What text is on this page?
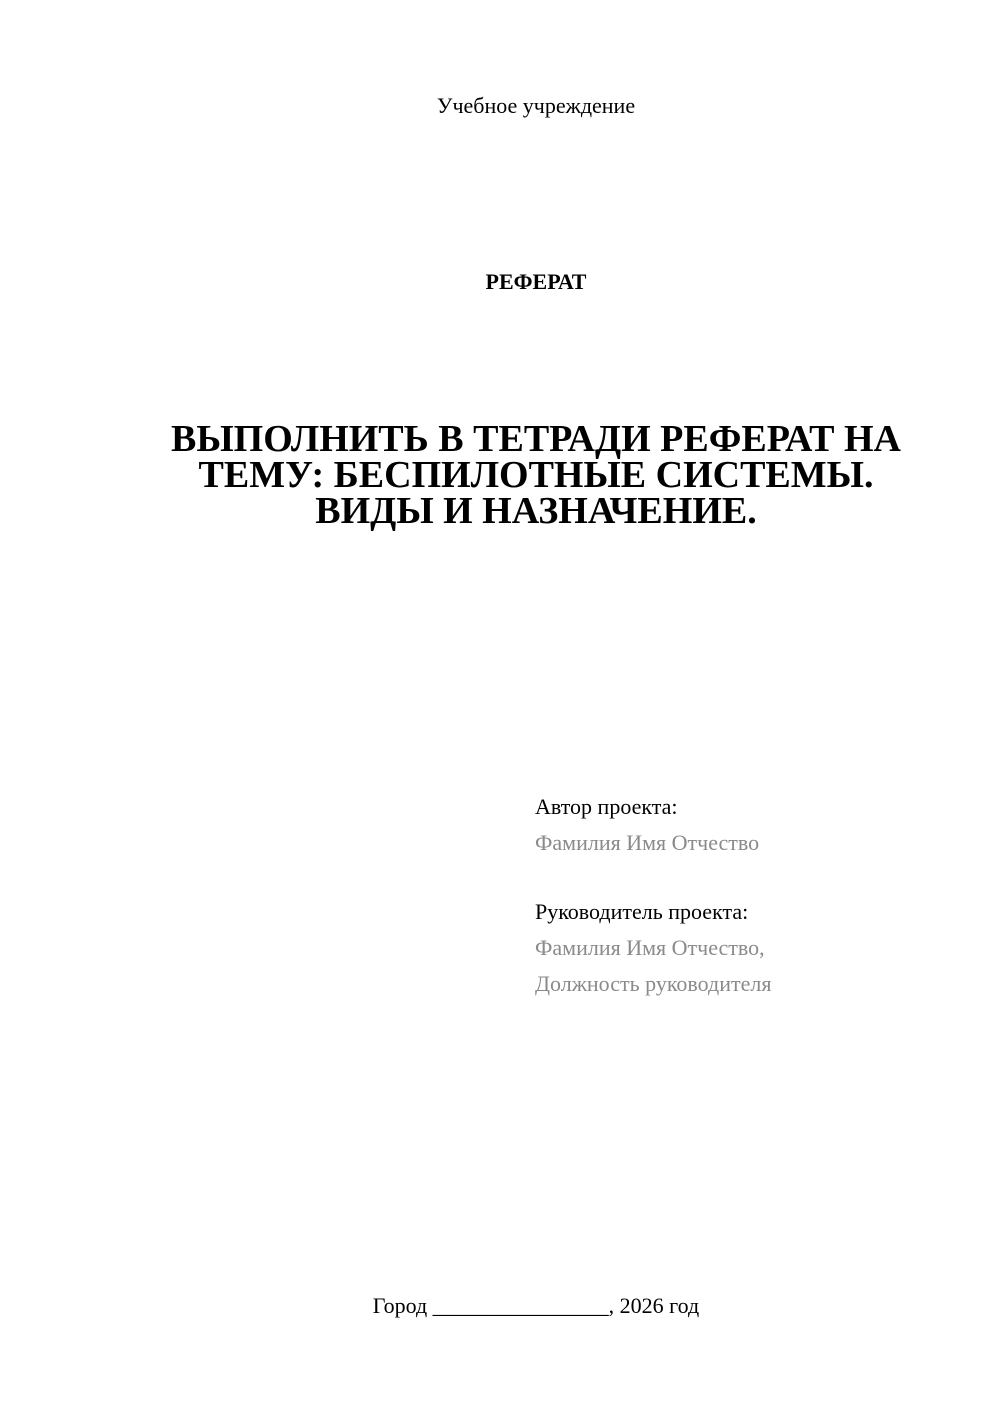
Учебное учреждение
РЕФЕРАТ
ВЫПОЛНИТЬ В ТЕТРАДИ РЕФЕРАТ НА
ТЕМУ: БЕСПИЛОТНЫЕ СИСТЕМЫ.
ВИДЫ И НАЗНАЧЕНИЕ.
Автор проекта:
Фамилия Имя Отчество
Руководитель проекта:
Фамилия Имя Отчество,
Должность руководителя
Город ________________, 2026 год
